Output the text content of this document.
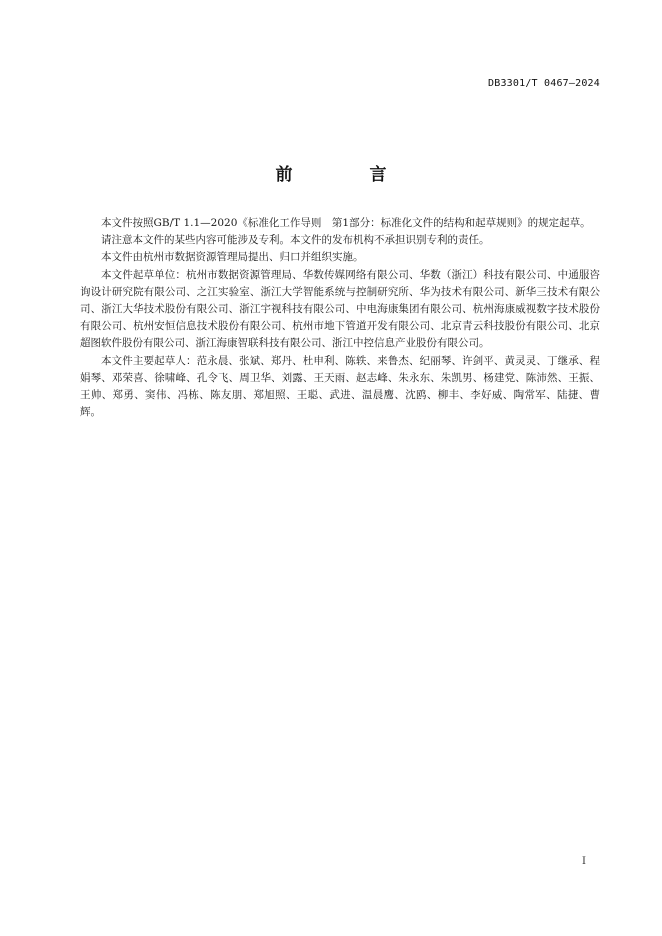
DB3301/T 0467—2024
前　言

本文件按照GB/T 1.1—2020《标准化工作导则　第1部分：标准化文件的结构和起草规则》的规定起草。

请注意本文件的某些内容可能涉及专利。本文件的发布机构不承担识别专利的责任。

本文件由杭州市数据资源管理局提出、归口并组织实施。

本文件起草单位：杭州市数据资源管理局、华数传媒网络有限公司、华数（浙江）科技有限公司、中通服咨询设计研究院有限公司、之江实验室、浙江大学智能系统与控制研究所、华为技术有限公司、新华三技术有限公司、浙江大华技术股份有限公司、浙江宇视科技有限公司、中电海康集团有限公司、杭州海康威视数字技术股份有限公司、杭州安恒信息技术股份有限公司、杭州市地下管道开发有限公司、北京青云科技股份有限公司、北京超图软件股份有限公司、浙江海康智联科技有限公司、浙江中控信息产业股份有限公司。

本文件主要起草人：范永晨、张斌、郑丹、杜申利、陈轶、来鲁杰、纪丽琴、许剑平、黄灵灵、丁继承、程娟琴、邓荣喜、徐啸峰、孔令飞、周卫华、刘露、王天雨、赵志峰、朱永东、朱凯男、杨建党、陈沛然、王振、王帅、郑勇、窦伟、冯栋、陈友朋、郑旭照、王聪、武进、温晨鹰、沈鸥、柳丰、李好威、陶常军、陆捷、曹辉。

I
